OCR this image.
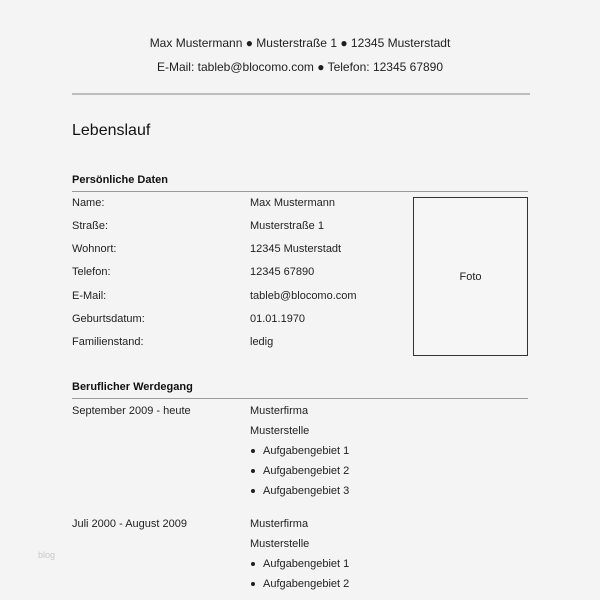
Max Mustermann ● Musterstraße 1 ● 12345 Musterstadt
E-Mail: tableb@blocomo.com ● Telefon: 12345 67890
Lebenslauf
Persönliche Daten
Name:	Max Mustermann
Straße:	Musterstraße 1
Wohnort:	12345 Musterstadt
Telefon:	12345 67890
E-Mail:	tableb@blocomo.com
Geburtsdatum:	01.01.1970
Familienstand:	ledig
Foto
Beruflicher Werdegang
September 2009 - heute	Musterfirma
Musterstelle
Aufgabengebiet 1
Aufgabengebiet 2
Aufgabengebiet 3
Juli 2000 - August 2009	Musterfirma
Musterstelle
Aufgabengebiet 1
Aufgabengebiet 2
blog
